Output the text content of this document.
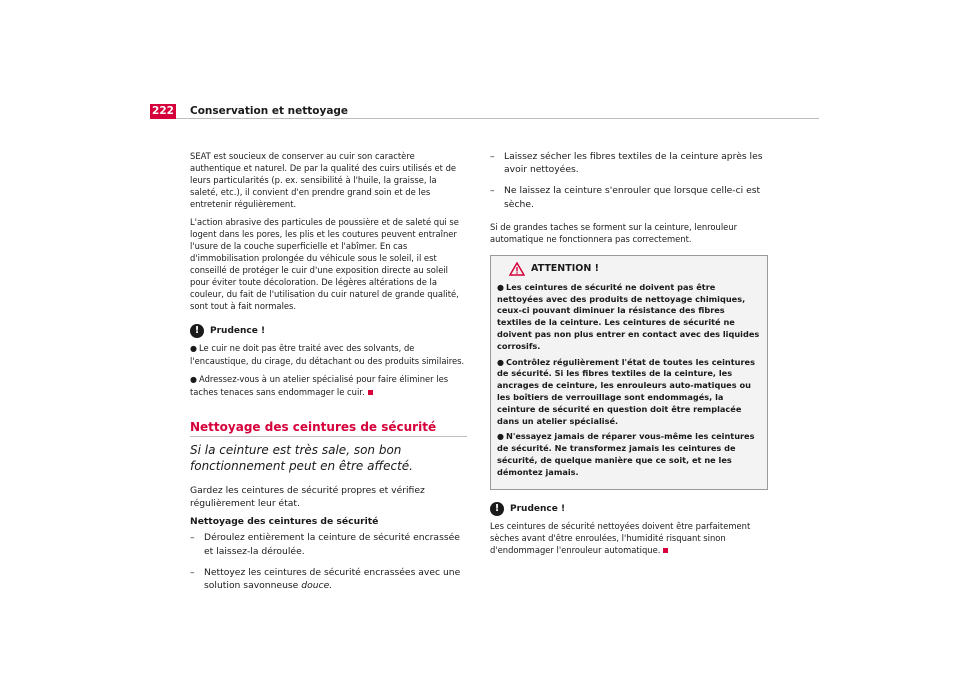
222 Conservation et nettoyage

SEAT est soucieux de conserver au cuir son caractère authentique et naturel. De par la qualité des cuirs utilisés et de leurs particularités (p. ex. sensibilité à l'huile, la graisse, la saleté, etc.), il convient d'en prendre grand soin et de les entretenir régulièrement.

L'action abrasive des particules de poussière et de saleté qui se logent dans les pores, les plis et les coutures peuvent entraîner l'usure de la couche superficielle et l'abîmer. En cas d'immobilisation prolongée du véhicule sous le soleil, il est conseillé de protéger le cuir d'une exposition directe au soleil pour éviter toute décoloration. De légères altérations de la couleur, du fait de l'utilisation du cuir naturel de grande qualité, sont tout à fait normales.

!	Prudence !

● Le cuir ne doit pas être traité avec des solvants, de l'encaustique, du cirage, du détachant ou des produits similaires.

● Adressez-vous à un atelier spécialisé pour faire éliminer les taches tenaces sans endommager le cuir.

Nettoyage des ceintures de sécurité
Si la ceinture est très sale, son bon fonctionnement peut en être affecté.

Gardez les ceintures de sécurité propres et vérifiez régulièrement leur état.

Nettoyage des ceintures de sécurité
–	Déroulez entièrement la ceinture de sécurité encrassée et laissez-la déroulée.
–	Nettoyez les ceintures de sécurité encrassées avec une solution savonneuse douce.
–	Laissez sécher les fibres textiles de la ceinture après les avoir nettoyées.
–	Ne laissez la ceinture s'enrouler que lorsque celle-ci est sèche.

Si de grandes taches se forment sur la ceinture, lenrouleur automatique ne fonctionnera pas correctement.

ATTENTION !

● Les ceintures de sécurité ne doivent pas être nettoyées avec des produits de nettoyage chimiques, ceux-ci pouvant diminuer la résistance des fibres textiles de la ceinture. Les ceintures de sécurité ne doivent pas non plus entrer en contact avec des liquides corrosifs.

● Contrôlez régulièrement l'état de toutes les ceintures de sécurité. Si les fibres textiles de la ceinture, les ancrages de ceinture, les enrouleurs auto-matiques ou les boîtiers de verrouillage sont endommagés, la ceinture de sécurité en question doit être remplacée dans un atelier spécialisé.

● N'essayez jamais de réparer vous-même les ceintures de sécurité. Ne transformez jamais les ceintures de sécurité, de quelque manière que ce soit, et ne les démontez jamais.

!	Prudence !

Les ceintures de sécurité nettoyées doivent être parfaitement sèches avant d'être enroulées, l'humidité risquant sinon d'endommager l'enrouleur automatique.
